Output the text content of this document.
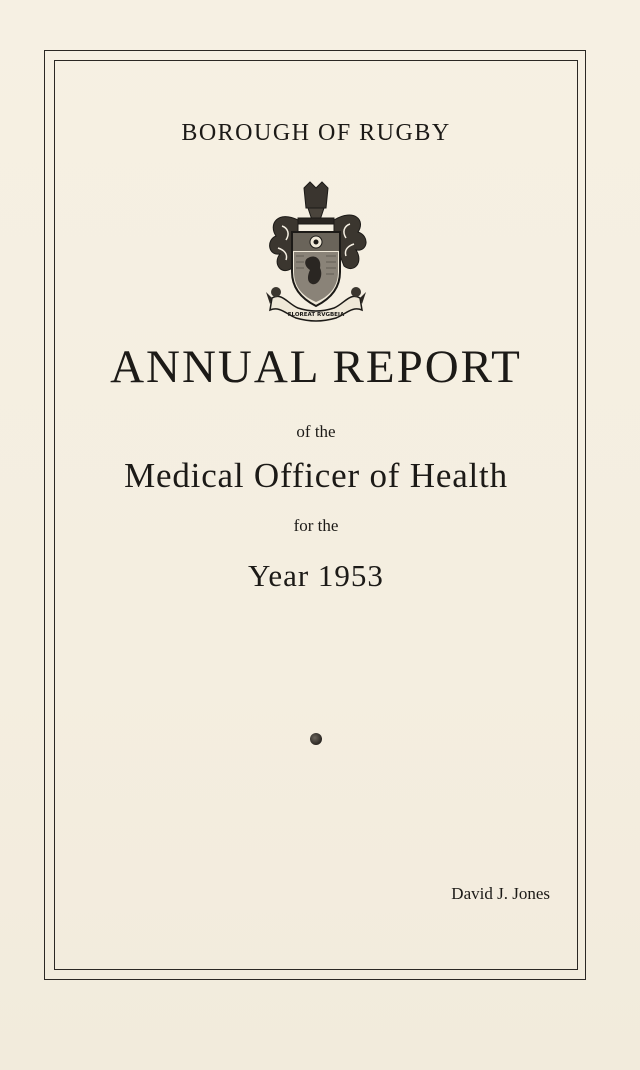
BOROUGH OF RUGBY
FLOREAT RVGBEIA
ANNUAL REPORT
of the
Medical Officer of Health
for the
Year 1953
David J. Jones
